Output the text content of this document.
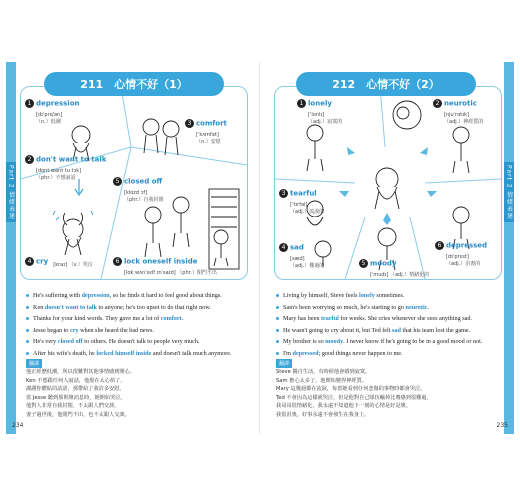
Part 2 情緒表達
1 depression
[dɪˈprɛʃən]
（n.）低潮
2 don't want to talk
[dont want tu tɔk]
（phr.）不想說話
3 comfort
[ˈkʌmfət]
（n.）安慰
4 cry [kraɪ] （v.）哭泣
5 closed off
[klozd ɔf]
（phr.）自我封閉
6 lock oneself inside
[lɑk wʌnˈsɛlf ɪnˈsaɪd] （phr.）閉門不出
211　心情不好（1）
He's suffering with depression, so he finds it hard to feel good about things.
Ken doesn't want to talk to anyone; he's too upset to do that right now.
Thanks for your kind words. They gave me a lot of comfort.
Jesse began to cry when she heard the bad news.
He's very closed off to others. He doesn't talk to people very much.
After his wife's death, he locked himself inside and doesn't talk much anymore.
翻譯
他正經歷低潮，所以很難對其他事情感到開心。
Ken 不想跟任何人說話，他現在太心煩了，
謝謝你體貼的話語，那帶給了我許多安慰。
當 Jesse 聽到那則壞消息時，她開始哭泣。
他對人非常自我封閉，不太跟人們交談。
妻子過世後，他閉門不出，也不太跟人交談。
234
Part 2 情緒表達
1 lonely
[ˈlonlɪ]
（adj.）寂寞的
2 neurotic
[njuˈrɑtɪk]
（adj.）神經質的
3 tearful
[ˈtɪrfəl]
（adj.）流淚的
4 sad
[sæd]
（adj.）難過的	5 moody
[ˈmudɪ] （adj.）情緒化的
6 depressed
[dɪˈprɛst]
（adj.）沮喪的
212　心情不好（2）
Living by himself, Steve feels lonely sometimes.
Sam's been worrying so much, he's starting to go neurotic.
Mary has been tearful for weeks. She cries whenever she sees anything sad.
He wasn't going to cry about it, but Ted felt sad that his team lost the game.
My brother is so moody. I never know if he's going to be in a good mood or not.
I'm depressed; good things never happen to me.
翻譯
Steve 獨自生活，有時候他會感到寂寞。
Sam 擔心太多了，他開始變得神經質。
Mary 這幾週都在流淚，每當她看到任何悲傷的事物時都會哭泣。
Ted 不會因為這樣就哭泣，但是他對自己隊伍輸掉比賽感到很難過。
我哥哥很情緒化，我永遠不知道他下一刻的心情是好是壞。
我很沮喪，好事永遠不會發生在我身上。
235
